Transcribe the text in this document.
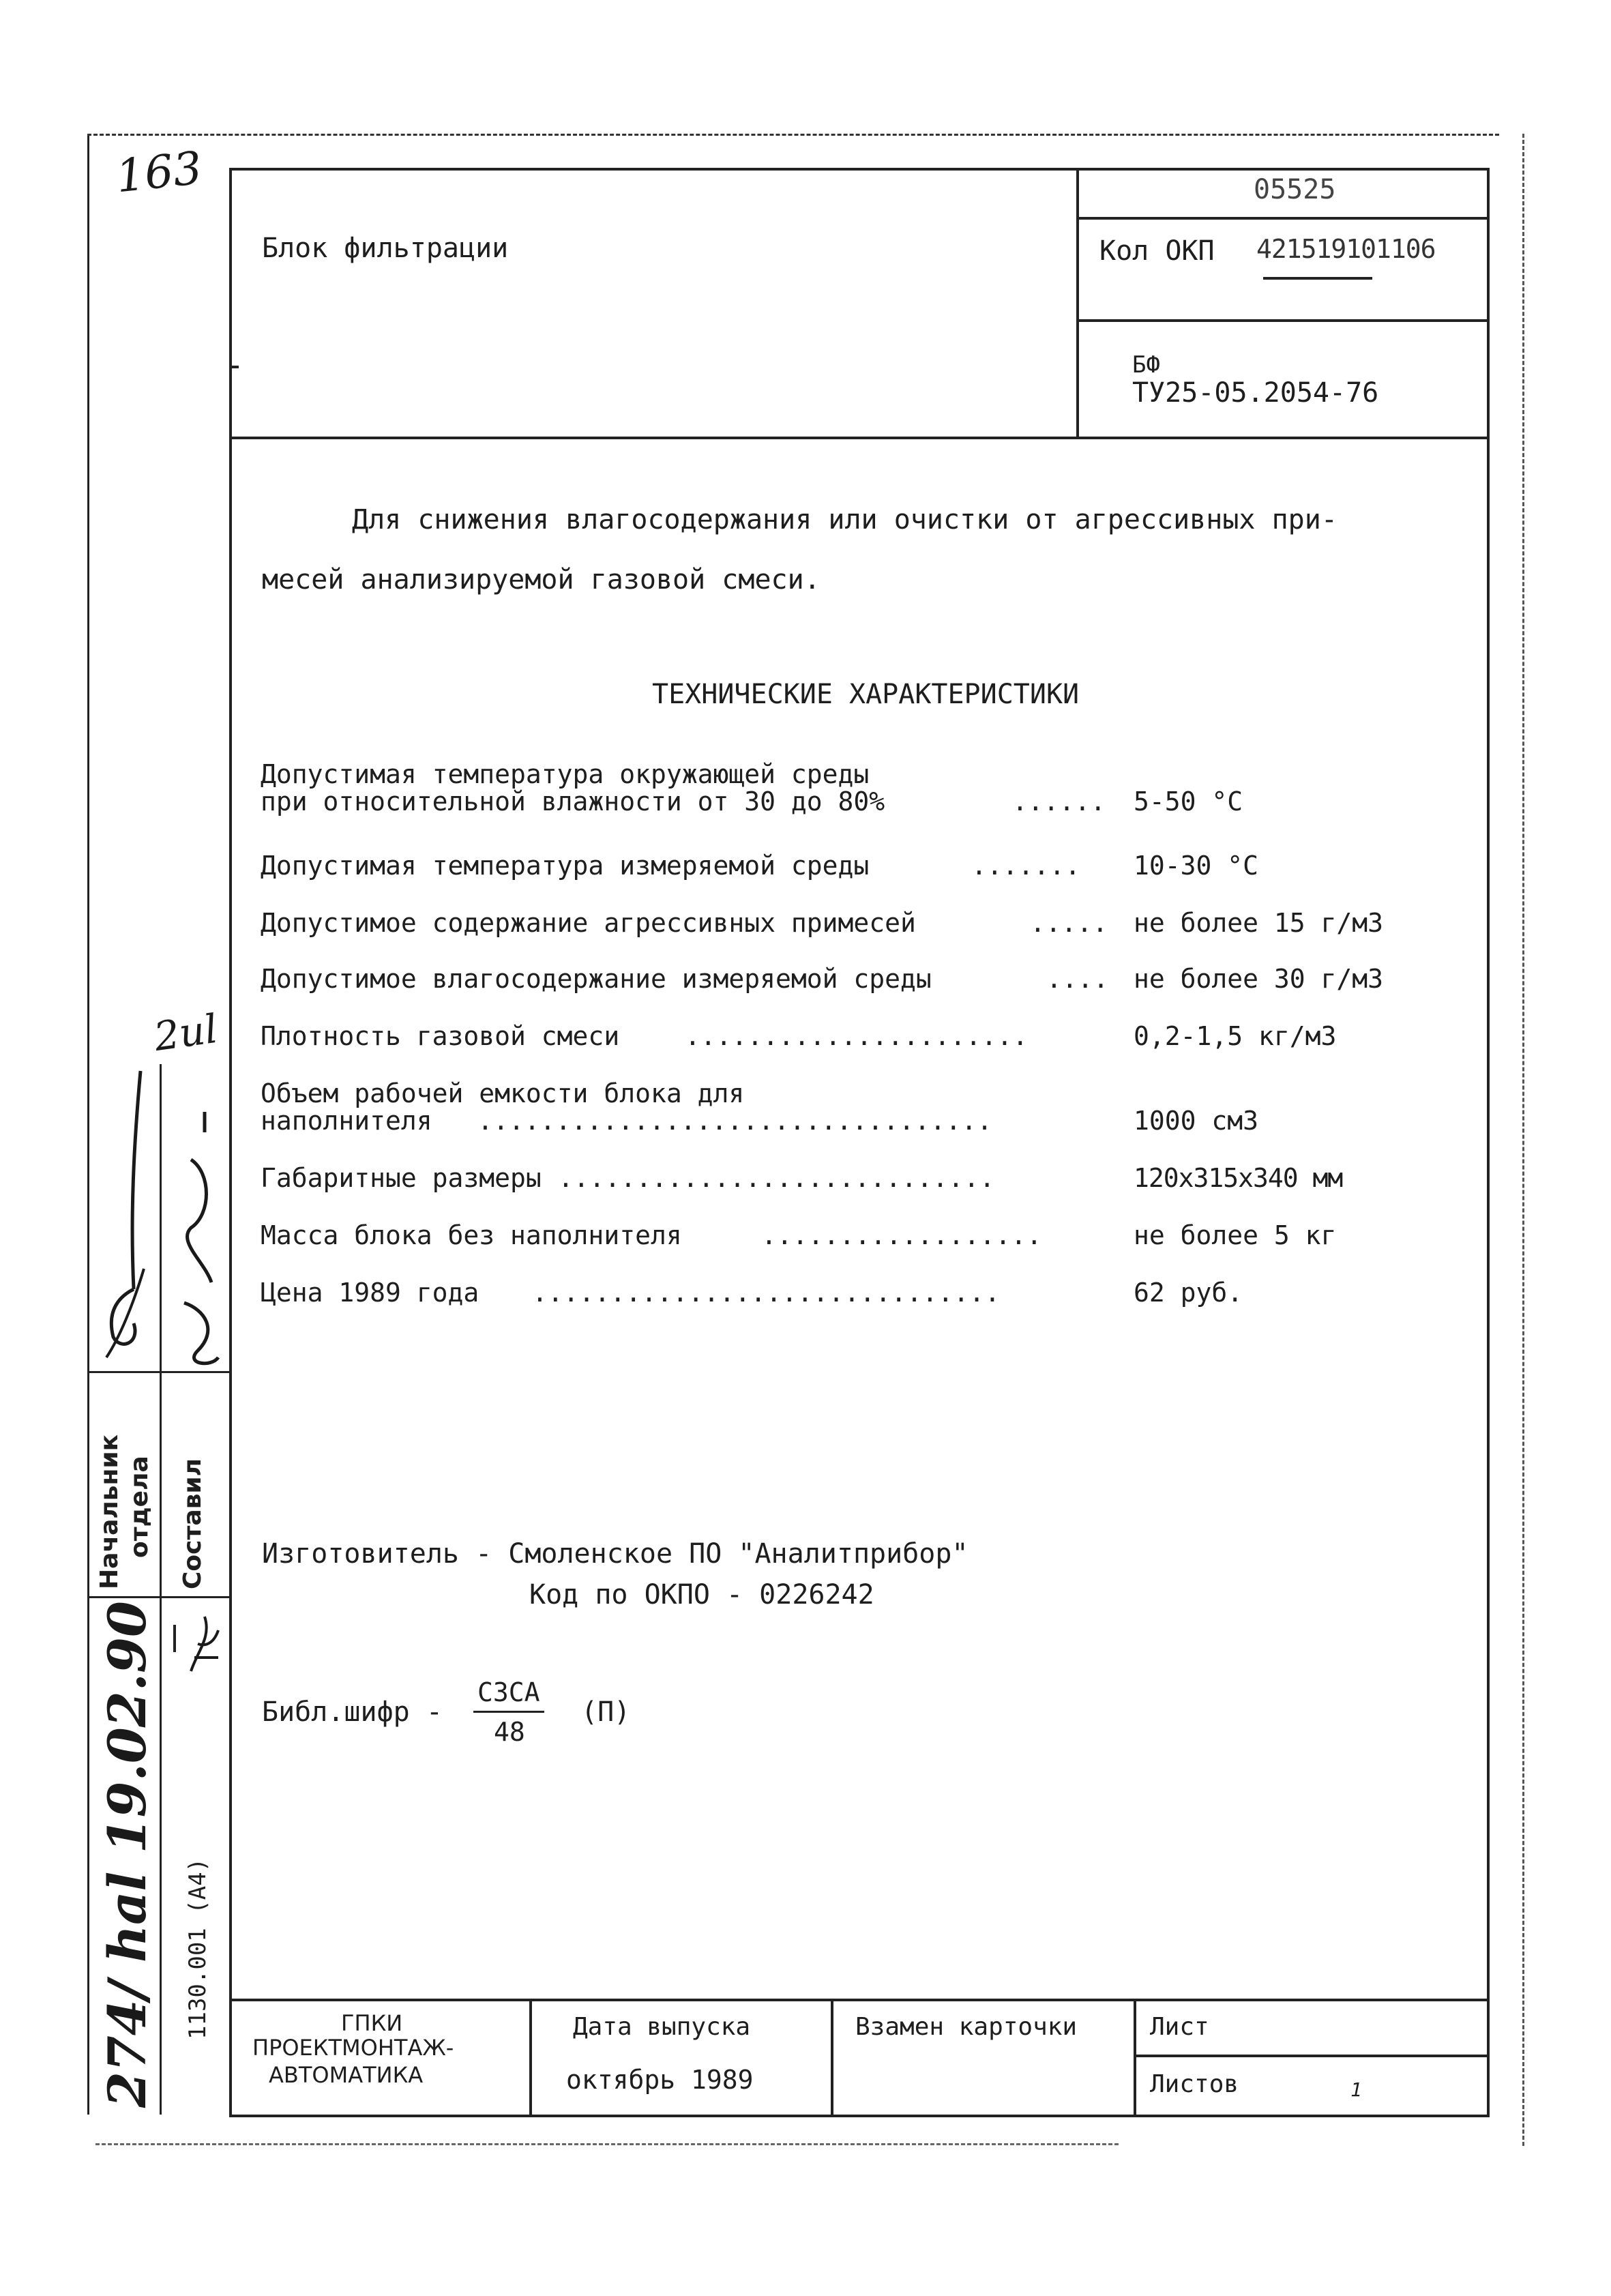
05525
Блок фильтрации	Кол ОКП 421519101106
БФ
ТУ25-05.2054-76
Для снижения влагосодержания или очистки от агрессивных при-
месей анализируемой газовой смеси.
ТЕХНИЧЕСКИЕ ХАРАКТЕРИСТИКИ
Допустимая температура окружающей среды
при относительной влажности от 30 до 80%	...... 5-50 °С
Допустимая температура измеряемой среды	....... 10-30 °С
Допустимое содержание агрессивных примесей	..... не более 15 г/м3
Допустимое влагосодержание измеряемой среды	.... не более 30 г/м3
Плотность газовой смеси	......................	0,2-1,5 кг/м3
Объем рабочей емкости блока для
наполнителя .................................	1000 см3
Габаритные размеры ............................	120х315х340 мм
Масса блока без наполнителя	..................	не более 5 кг
Цена 1989 года ..............................	62 руб.
Изготовитель - Смоленское ПО "Аналитприбор"
Код по ОКПО - 0226242
Библ.шифр -
СЗСА
48
(П)
ГПКИ
ПРОЕКТМОНТАЖ-
АВТОМАТИКА
Дата выпуска
октябрь 1989
Взамен карточки	Лист
Листов	1
Начальник отдела Составил
1130.001 (А4)
163
2ul
274/ hal 19.02.90
